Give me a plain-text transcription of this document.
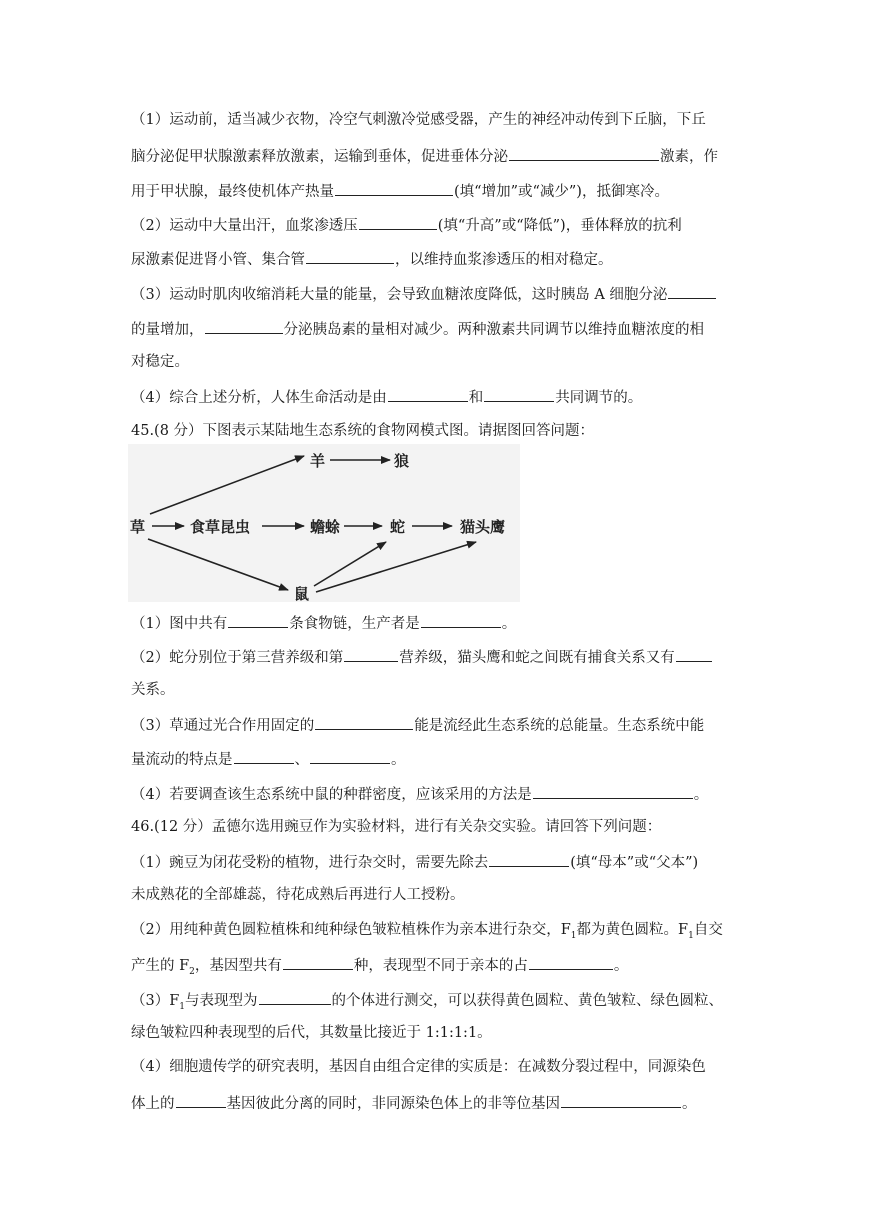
（1）运动前，适当减少衣物，冷空气刺激冷觉感受器，产生的神经冲动传到下丘脑，下丘
脑分泌促甲状腺激素释放激素，运输到垂体，促进垂体分泌	激素，作
用于甲状腺，最终使机体产热量	(填“增加”或“减少”)，抵御寒冷。
（2）运动中大量出汗，血浆渗透压	(填“升高”或“降低”)，垂体释放的抗利
尿激素促进肾小管、集合管	，以维持血浆渗透压的相对稳定。
（3）运动时肌肉收缩消耗大量的能量，会导致血糖浓度降低，这时胰岛 A 细胞分泌
的量增加，	分泌胰岛素的量相对减少。两种激素共同调节以维持血糖浓度的相
对稳定。
（4）综合上述分析，人体生命活动是由	和	共同调节的。
45.(8 分）下图表示某陆地生态系统的食物网模式图。请据图回答问题：
草	食草昆虫	蟾蜍	蛇	猫头鹰
羊	狼
鼠
（1）图中共有	条食物链，生产者是	。
（2）蛇分别位于第三营养级和第	营养级，猫头鹰和蛇之间既有捕食关系又有
关系。
（3）草通过光合作用固定的	能是流经此生态系统的总能量。生态系统中能
量流动的特点是	、	。
（4）若要调查该生态系统中鼠的种群密度，应该采用的方法是	。
46.(12 分）孟德尔选用豌豆作为实验材料，进行有关杂交实验。请回答下列问题：
（1）豌豆为闭花受粉的植物，进行杂交时，需要先除去	(填“母本”或“父本”)
未成熟花的全部雄蕊，待花成熟后再进行人工授粉。
（2）用纯种黄色圆粒植株和纯种绿色皱粒植株作为亲本进行杂交，$F_1$都为黄色圆粒。$F_1$自交
产生的 $F_2$，基因型共有	种，表现型不同于亲本的占	。
$(3)F_1$与表现型为	的个体进行测交，可以获得黄色圆粒、黄色皱粒、绿色圆粒、
绿色皱粒四种表现型的后代，其数量比接近于 1:1:1:1。
（4）细胞遗传学的研究表明，基因自由组合定律的实质是：在减数分裂过程中，同源染色
体上的	基因彼此分离的同时，非同源染色体上的非等位基因	。
